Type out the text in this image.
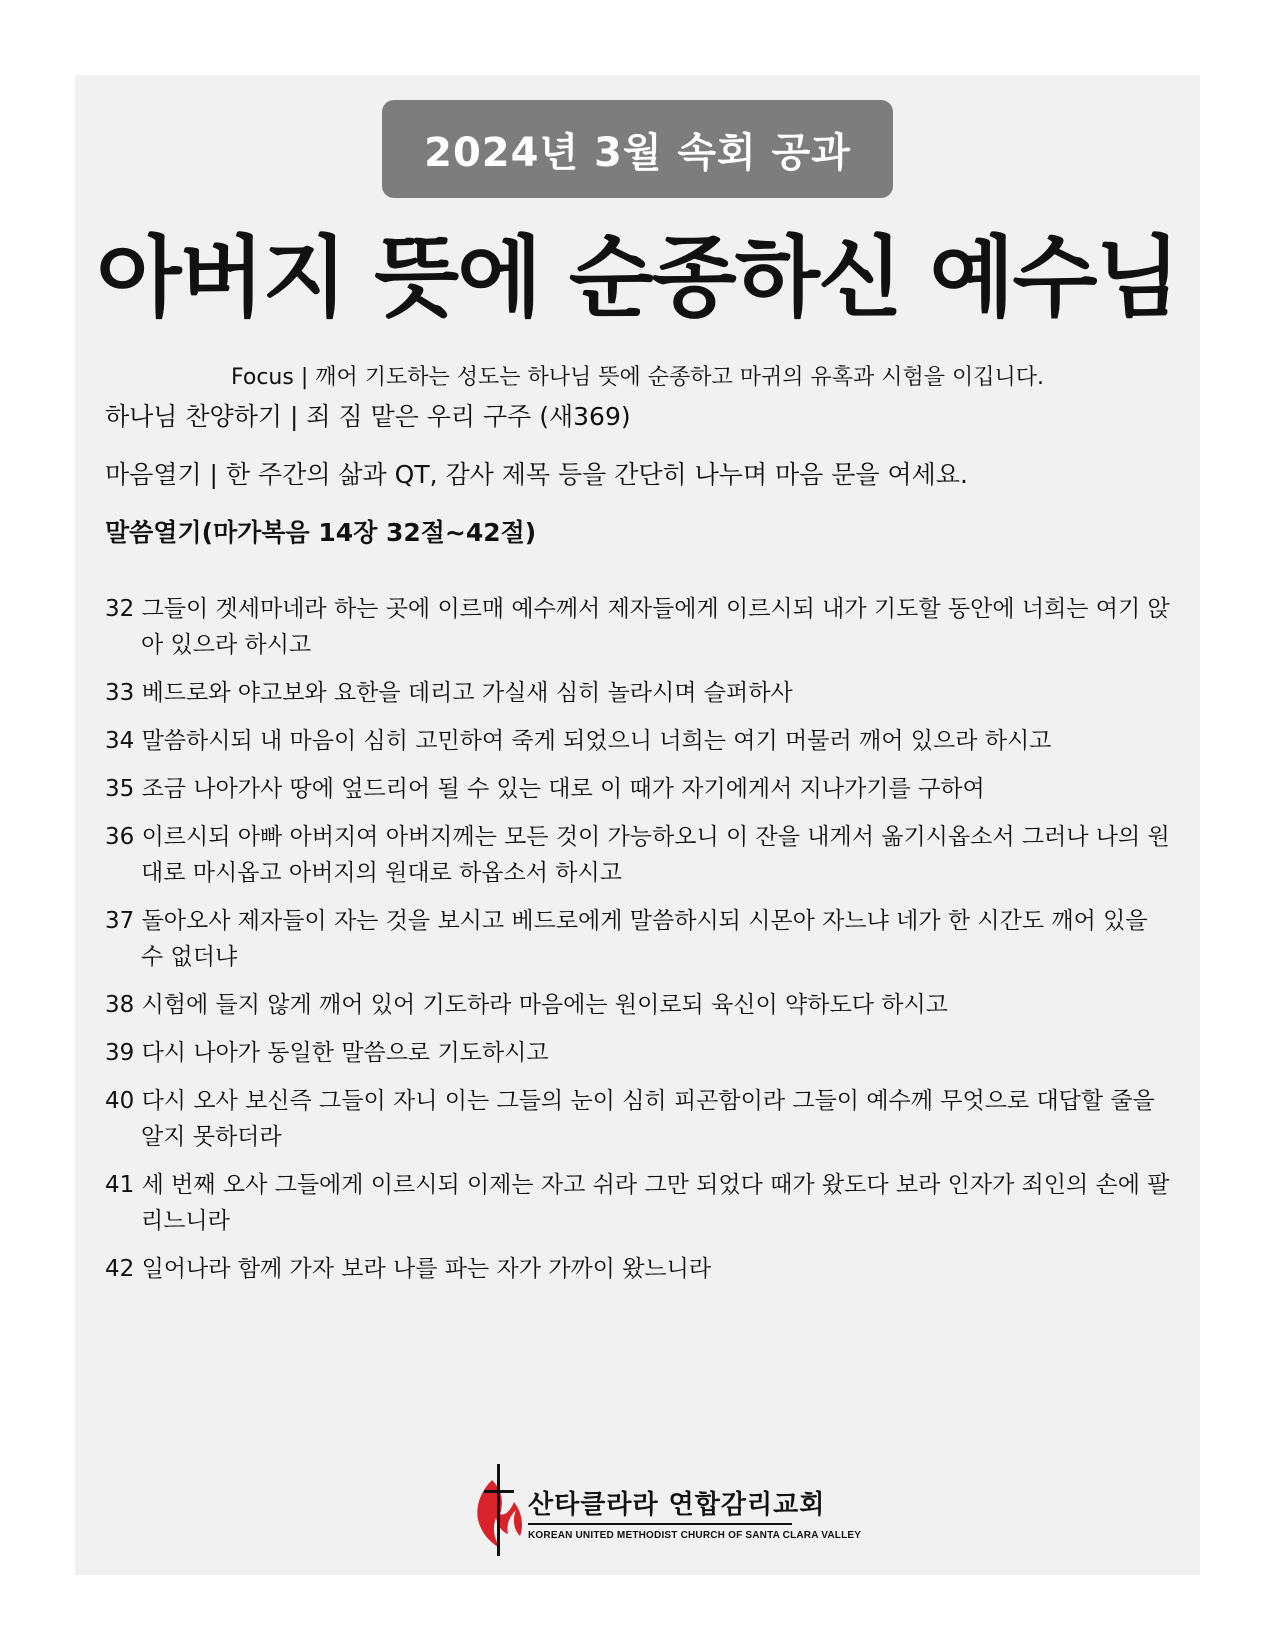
2024년 3월 속회 공과
아버지 뜻에 순종하신 예수님
Focus | 깨어 기도하는 성도는 하나님 뜻에 순종하고 마귀의 유혹과 시험을 이깁니다.
하나님 찬양하기 | 죄 짐 맡은 우리 구주 (새369)
마음열기 | 한 주간의 삶과 QT, 감사 제목 등을 간단히 나누며 마음 문을 여세요.
말씀열기(마가복음 14장 32절~42절)

32 그들이 겟세마네라 하는 곳에 이르매 예수께서 제자들에게 이르시되 내가 기도할 동안에 너희는 여기 앉아 있으라 하시고

33 베드로와 야고보와 요한을 데리고 가실새 심히 놀라시며 슬퍼하사

34 말씀하시되 내 마음이 심히 고민하여 죽게 되었으니 너희는 여기 머물러 깨어 있으라 하시고

35 조금 나아가사 땅에 엎드리어 될 수 있는 대로 이 때가 자기에게서 지나가기를 구하여

36 이르시되 아빠 아버지여 아버지께는 모든 것이 가능하오니 이 잔을 내게서 옮기시옵소서 그러나 나의 원대로 마시옵고 아버지의 원대로 하옵소서 하시고

37 돌아오사 제자들이 자는 것을 보시고 베드로에게 말씀하시되 시몬아 자느냐 네가 한 시간도 깨어 있을 수 없더냐

38 시험에 들지 않게 깨어 있어 기도하라 마음에는 원이로되 육신이 약하도다 하시고

39 다시 나아가 동일한 말씀으로 기도하시고

40 다시 오사 보신즉 그들이 자니 이는 그들의 눈이 심히 피곤함이라 그들이 예수께 무엇으로 대답할 줄을 알지 못하더라

41 세 번째 오사 그들에게 이르시되 이제는 자고 쉬라 그만 되었다 때가 왔도다 보라 인자가 죄인의 손에 팔리느니라

42 일어나라 함께 가자 보라 나를 파는 자가 가까이 왔느니라

산타클라라 연합감리교회
KOREAN UNITED METHODIST CHURCH OF SANTA CLARA VALLEY
